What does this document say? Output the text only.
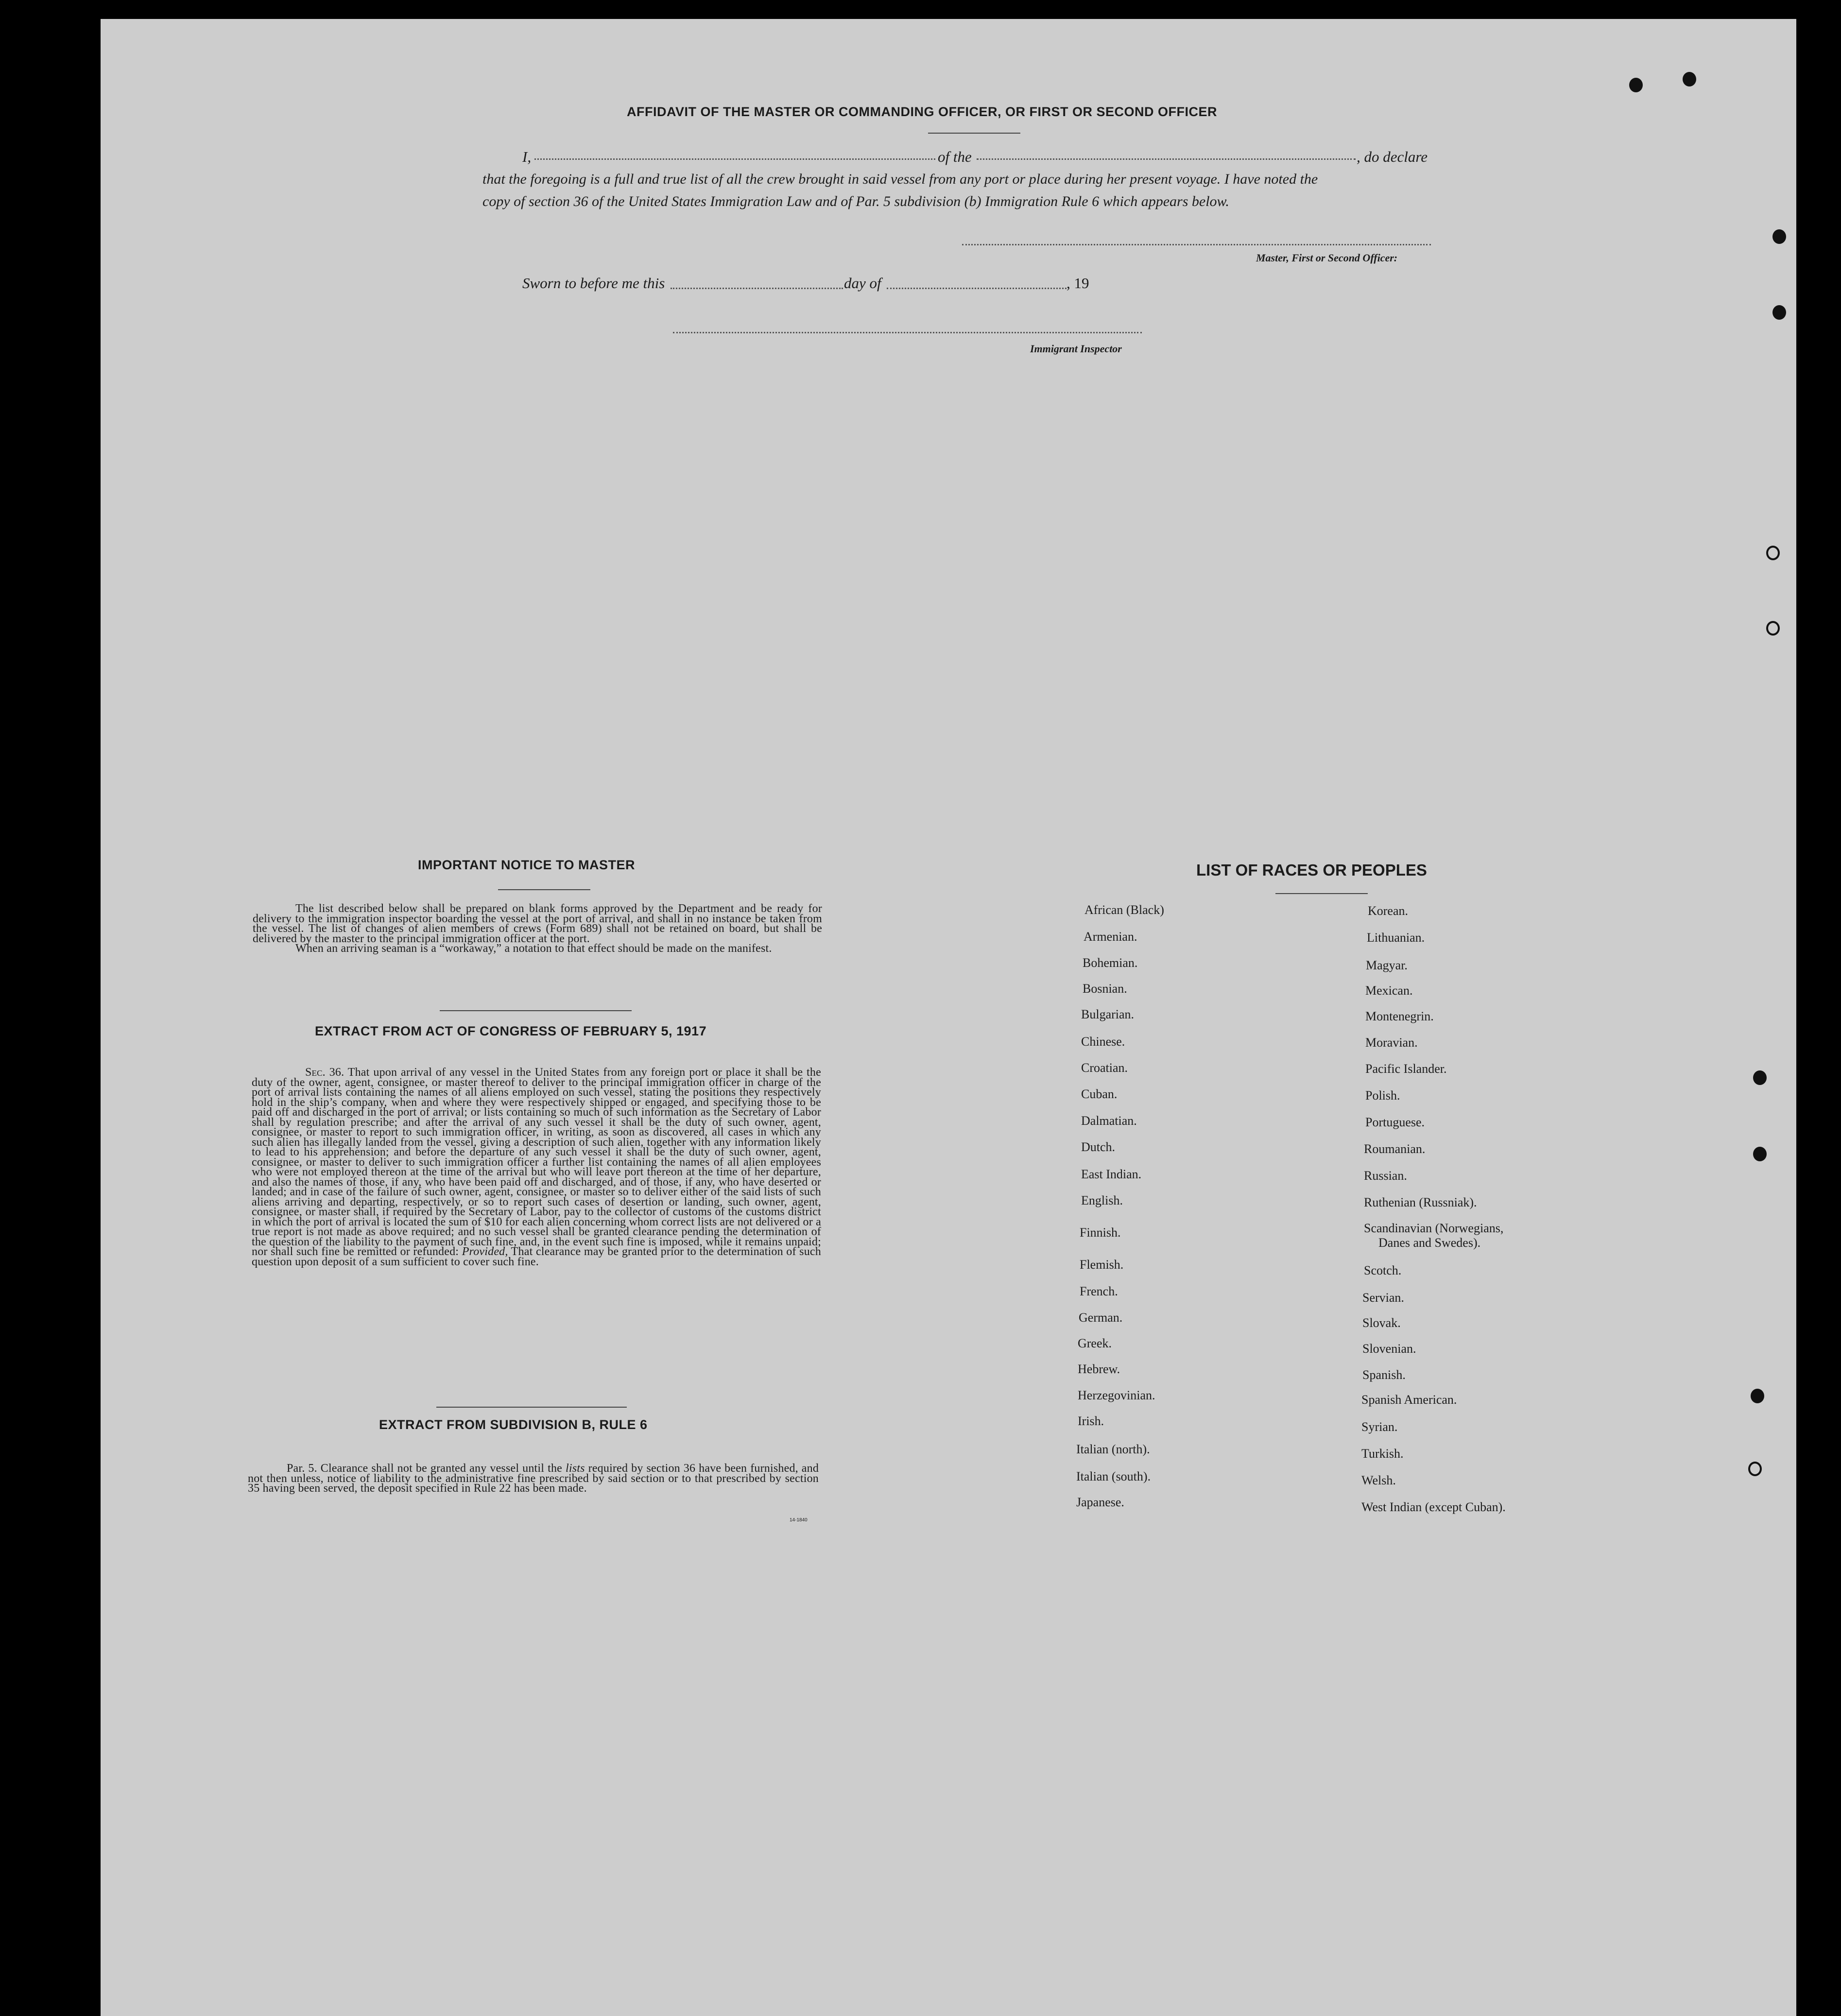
AFFIDAVIT OF THE MASTER OR COMMANDING OFFICER, OR FIRST OR SECOND OFFICER
I,	of the	, do declare
that the foregoing is a full and true list of all the crew brought in said vessel from any port or place during her present voyage. I have noted the
copy of section 36 of the United States Immigration Law and of Par. 5 subdivision (b) Immigration Rule 6 which appears below.
Master, First or Second Officer:
Sworn to before me this	day of	, 19
Immigrant Inspector
IMPORTANT NOTICE TO MASTER
The list described below shall be prepared on blank forms approved by the Department and be ready for delivery to the immigration inspector boarding the vessel at the port of arrival, and shall in no instance be taken from the vessel. The list of changes of alien members of crews (Form 689) shall not be retained on board, but shall be delivered by the master to the principal immigration officer at the port.
When an arriving seaman is a “workaway,” a notation to that effect should be made on the manifest.
EXTRACT FROM ACT OF CONGRESS OF FEBRUARY 5, 1917
Sec. 36. That upon arrival of any vessel in the United States from any foreign port or place it shall be the duty of the owner, agent, consignee, or master thereof to deliver to the principal immigration officer in charge of the port of arrival lists containing the names of all aliens employed on such vessel, stating the positions they respectively hold in the ship’s company, when and where they were respectively shipped or engaged, and specifying those to be paid off and discharged in the port of arrival; or lists containing so much of such information as the Secretary of Labor shall by regulation prescribe; and after the arrival of any such vessel it shall be the duty of such owner, agent, consignee, or master to report to such immigration officer, in writing, as soon as discovered, all cases in which any such alien has illegally landed from the vessel, giving a description of such alien, together with any information likely to lead to his apprehension; and before the departure of any such vessel it shall be the duty of such owner, agent, consignee, or master to deliver to such immigration officer a further list containing the names of all alien employees who were not employed thereon at the time of the arrival but who will leave port thereon at the time of her departure, and also the names of those, if any, who have been paid off and discharged, and of those, if any, who have deserted or landed; and in case of the failure of such owner, agent, consignee, or master so to deliver either of the said lists of such aliens arriving and departing, respectively, or so to report such cases of desertion or landing, such owner, agent, consignee, or master shall, if required by the Secretary of Labor, pay to the collector of customs of the customs district in which the port of arrival is located the sum of $10 for each alien concerning whom correct lists are not delivered or a true report is not made as above required; and no such vessel shall be granted clearance pending the determination of the question of the liability to the payment of such fine, and, in the event such fine is imposed, while it remains unpaid; nor shall such fine be remitted or refunded: Provided, That clearance may be granted prior to the determination of such question upon deposit of a sum sufficient to cover such fine.
EXTRACT FROM SUBDIVISION B, RULE 6
Par. 5. Clearance shall not be granted any vessel until the lists required by section 36 have been furnished, and not then unless, notice of liability to the administrative fine prescribed by said section or to that prescribed by section 35 having been served, the deposit specified in Rule 22 has been made.
14-1840
LIST OF RACES OR PEOPLES
African (Black)
Armenian.
Bohemian.
Bosnian.
Bulgarian.
Chinese.
Croatian.
Cuban.
Dalmatian.
Dutch.
East Indian.
English.
Finnish.
Flemish.
French.
German.
Greek.
Hebrew.
Herzegovinian.
Irish.
Italian (north).
Italian (south).
Japanese.
Korean.
Lithuanian.
Magyar.
Mexican.
Montenegrin.
Moravian.
Pacific Islander.
Polish.
Portuguese.
Roumanian.
Russian.
Ruthenian (Russniak).
Scandinavian (Norwegians,
Danes and Swedes).
Scotch.
Servian.
Slovak.
Slovenian.
Spanish.
Spanish American.
Syrian.
Turkish.
Welsh.
West Indian (except Cuban).
